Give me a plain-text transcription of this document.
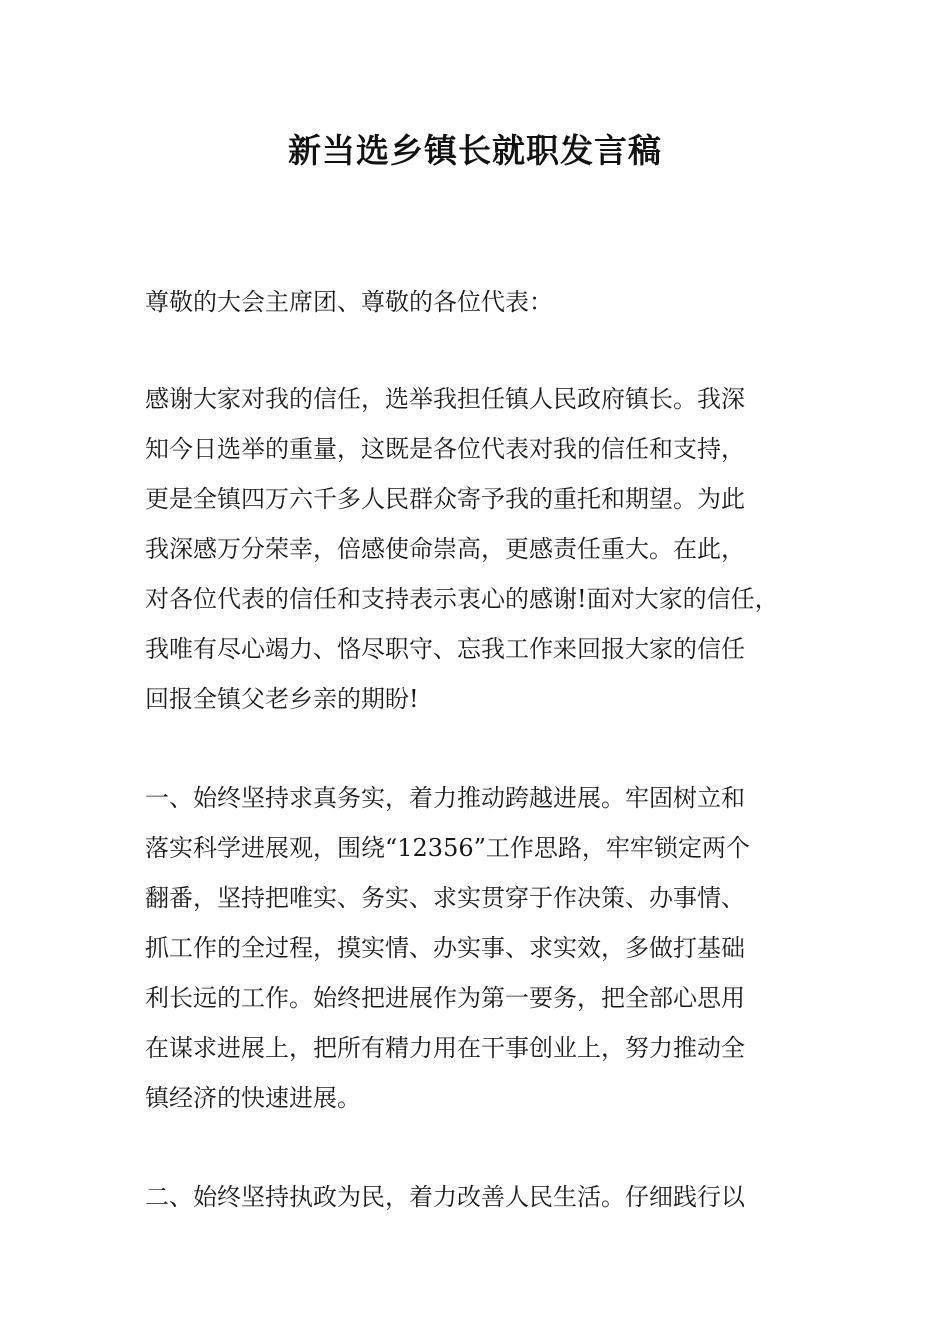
新当选乡镇长就职发言稿
尊敬的大会主席团、尊敬的各位代表：
感谢大家对我的信任，选举我担任镇人民政府镇长。我深
知今日选举的重量，这既是各位代表对我的信任和支持，
更是全镇四万六千多人民群众寄予我的重托和期望。为此
我深感万分荣幸，倍感使命崇高，更感责任重大。在此，
对各位代表的信任和支持表示衷心的感谢!面对大家的信任，
我唯有尽心竭力、恪尽职守、忘我工作来回报大家的信任
回报全镇父老乡亲的期盼!
一、始终坚持求真务实，着力推动跨越进展。牢固树立和
落实科学进展观，围绕“12356”工作思路，牢牢锁定两个
翻番，坚持把唯实、务实、求实贯穿于作决策、办事情、
抓工作的全过程，摸实情、办实事、求实效，多做打基础
利长远的工作。始终把进展作为第一要务，把全部心思用
在谋求进展上，把所有精力用在干事创业上，努力推动全
镇经济的快速进展。
二、始终坚持执政为民，着力改善人民生活。仔细践行以
